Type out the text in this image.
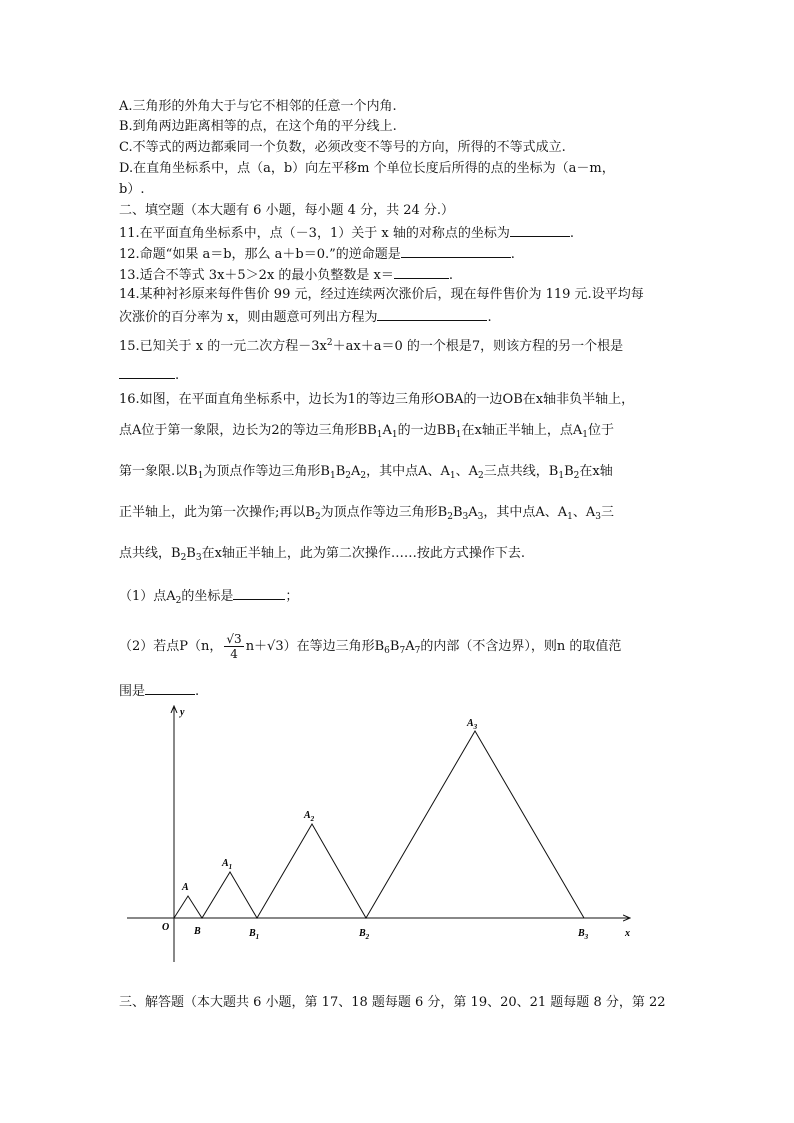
A.三角形的外角大于与它不相邻的任意一个内角.
B.到角两边距离相等的点，在这个角的平分线上.
C.不等式的两边都乘同一个负数，必须改变不等号的方向，所得的不等式成立.
D.在直角坐标系中，点（a，b）向左平移m 个单位长度后所得的点的坐标为（a－m，
b）.
二、填空题（本大题有 6 小题，每小题 4 分，共 24 分.）
11.在平面直角坐标系中，点（－3，1）关于 x 轴的对称点的坐标为	.
12.命题“如果 a＝b，那么 a＋b＝0.”的逆命题是	.
13.适合不等式 3x＋5＞2x 的最小负整数是 x＝	.
14.某种衬衫原来每件售价 99 元，经过连续两次涨价后，现在每件售价为 119 元.设平均每
次涨价的百分率为 x，则由题意可列出方程为	.
15.已知关于 x 的一元二次方程$-3x^2+ax+a=0$ 的一个根是7，则该方程的另一个根是
.
16.如图，在平面直角坐标系中，边长为1的等边三角形OBA的一边OB在x轴非负半轴上，
点A位于第一象限，边长为2的等边三角形$BB_1A_1$的一边$BB_1$在x轴正半轴上，点$A_1$位于
第一象限.以$B_1$为顶点作等边三角形$B_1B_2A_2$，其中点A、$A_1$、$A_2$三点共线，$B_1B_2$在x轴
正半轴上，此为第一次操作;再以$B_2$为顶点作等边三角形$B_2B_3A_3$，其中点A、$A_1$、$A_3$三
点共线，$B_2B_3$在x轴正半轴上，此为第二次操作……按此方式操作下去.
（1）点$A_2$的坐标是	；
（2）若点P（n， $\frac{√3}{4} n+√3$）在等边三角形$B_6B_7A_7$的内部（不含边界），则n 的取值范
围是	.
y
x
O
A
B
$A_1$
$B_1$
$A_2$
$B_2$
$A_3$
$B_3$
三、解答题（本大题共 6 小题，第 17、18 题每题 6 分，第 19、20、21 题每题 8 分，第 22
